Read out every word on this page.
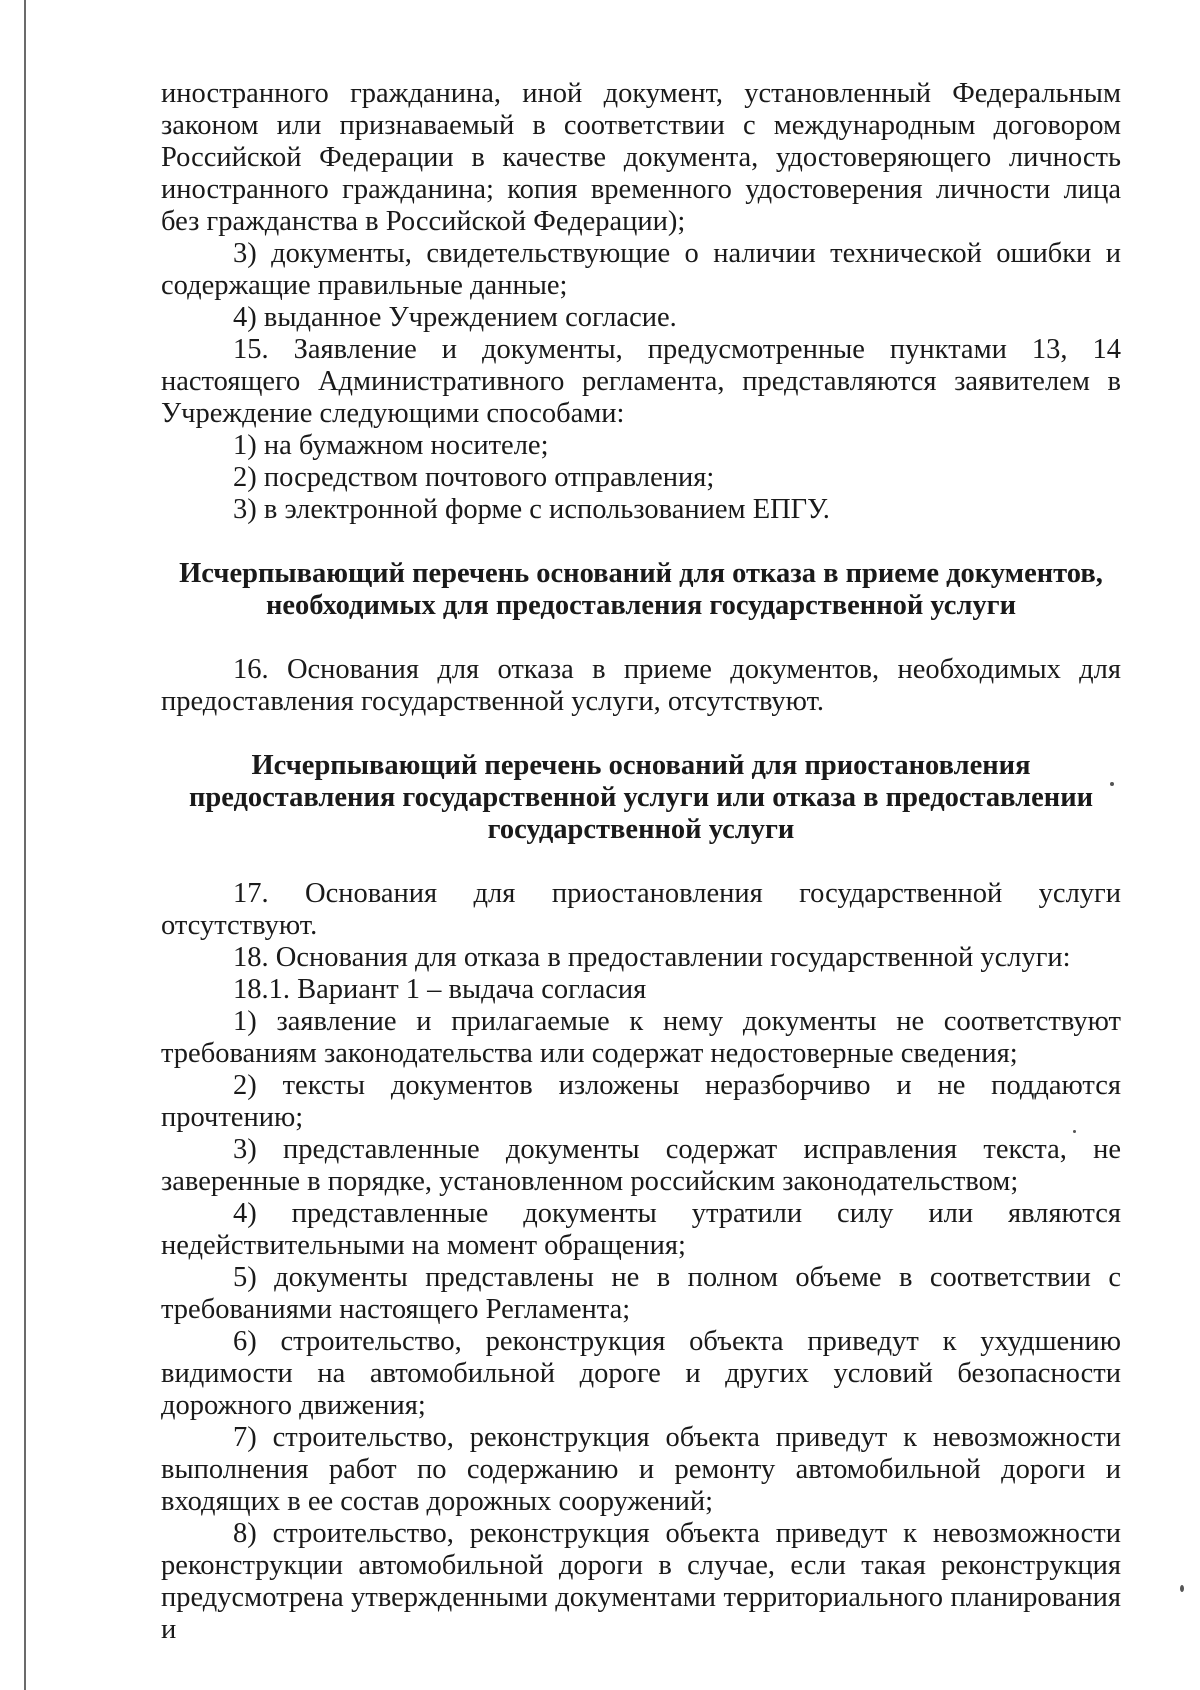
иностранного гражданина, иной документ, установленный Федеральным законом или признаваемый в соответствии с международным договором Российской Федерации в качестве документа, удостоверяющего личность иностранного гражданина; копия временного удостоверения личности лица без гражданства в Российской Федерации);

3) документы, свидетельствующие о наличии технической ошибки и содержащие правильные данные;

4) выданное Учреждением согласие.

15. Заявление и документы, предусмотренные пунктами 13, 14 настоящего Административного регламента, представляются заявителем в Учреждение следующими способами:

1) на бумажном носителе;

2) посредством почтового отправления;

3) в электронной форме с использованием ЕПГУ.

Исчерпывающий перечень оснований для отказа в приеме документов,
необходимых для предоставления государственной услуги

16. Основания для отказа в приеме документов, необходимых для предоставления государственной услуги, отсутствуют.

Исчерпывающий перечень оснований для приостановления
предоставления государственной услуги или отказа в предоставлении
государственной услуги

17. Основания для приостановления государственной услуги отсутствуют.

18. Основания для отказа в предоставлении государственной услуги:

18.1. Вариант 1 – выдача согласия

1) заявление и прилагаемые к нему документы не соответствуют требованиям законодательства или содержат недостоверные сведения;

2) тексты документов изложены неразборчиво и не поддаются прочтению;

3) представленные документы содержат исправления текста, не заверенные в порядке, установленном российским законодательством;

4) представленные документы утратили силу или являются недействительными на момент обращения;

5) документы представлены не в полном объеме в соответствии с требованиями настоящего Регламента;

6) строительство, реконструкция объекта приведут к ухудшению видимости на автомобильной дороге и других условий безопасности дорожного движения;

7) строительство, реконструкция объекта приведут к невозможности выполнения работ по содержанию и ремонту автомобильной дороги и входящих в ее состав дорожных сооружений;

8) строительство, реконструкция объекта приведут к невозможности реконструкции автомобильной дороги в случае, если такая реконструкция предусмотрена утвержденными документами территориального планирования и
